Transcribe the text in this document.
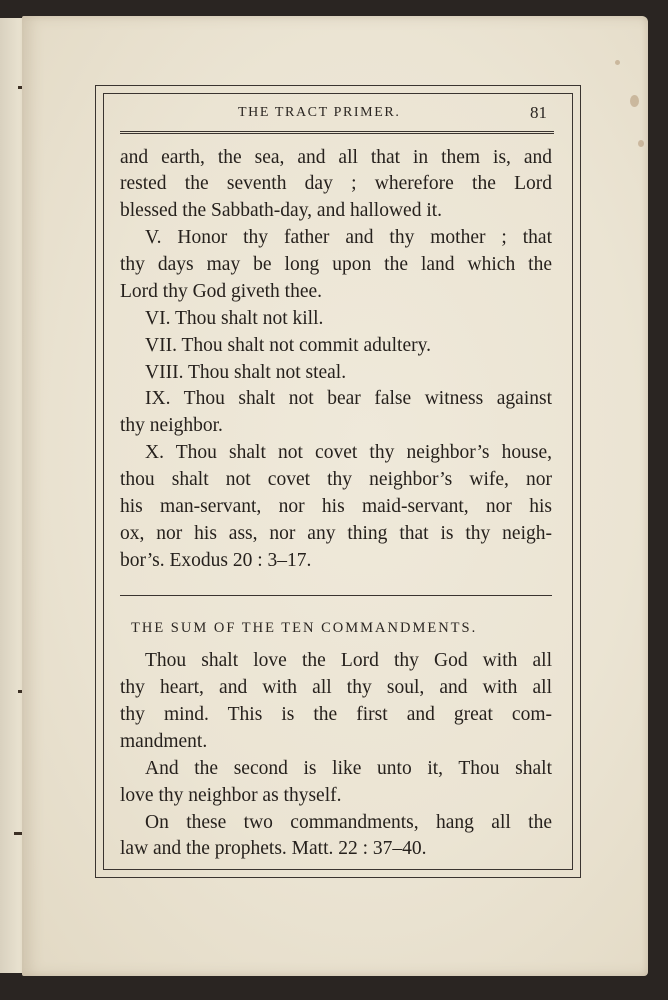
THE TRACT PRIMER.	81
and earth, the sea, and all that in them is, and
rested the seventh day ; wherefore the Lord
blessed the Sabbath-day, and hallowed it.
V. Honor thy father and thy mother ; that
thy days may be long upon the land which the
Lord thy God giveth thee.
VI. Thou shalt not kill.
VII. Thou shalt not commit adultery.
VIII. Thou shalt not steal.
IX. Thou shalt not bear false witness against
thy neighbor.
X. Thou shalt not covet thy neighbor’s house,
thou shalt not covet thy neighbor’s wife, nor
his man-servant, nor his maid-servant, nor his
ox, nor his ass, nor any thing that is thy neigh-
bor’s. Exodus 20 : 3–17.
THE SUM OF THE TEN COMMANDMENTS.
Thou shalt love the Lord thy God with all
thy heart, and with all thy soul, and with all
thy mind. This is the first and great com-
mandment.
And the second is like unto it, Thou shalt
love thy neighbor as thyself.
On these two commandments, hang all the
law and the prophets. Matt. 22 : 37–40.
